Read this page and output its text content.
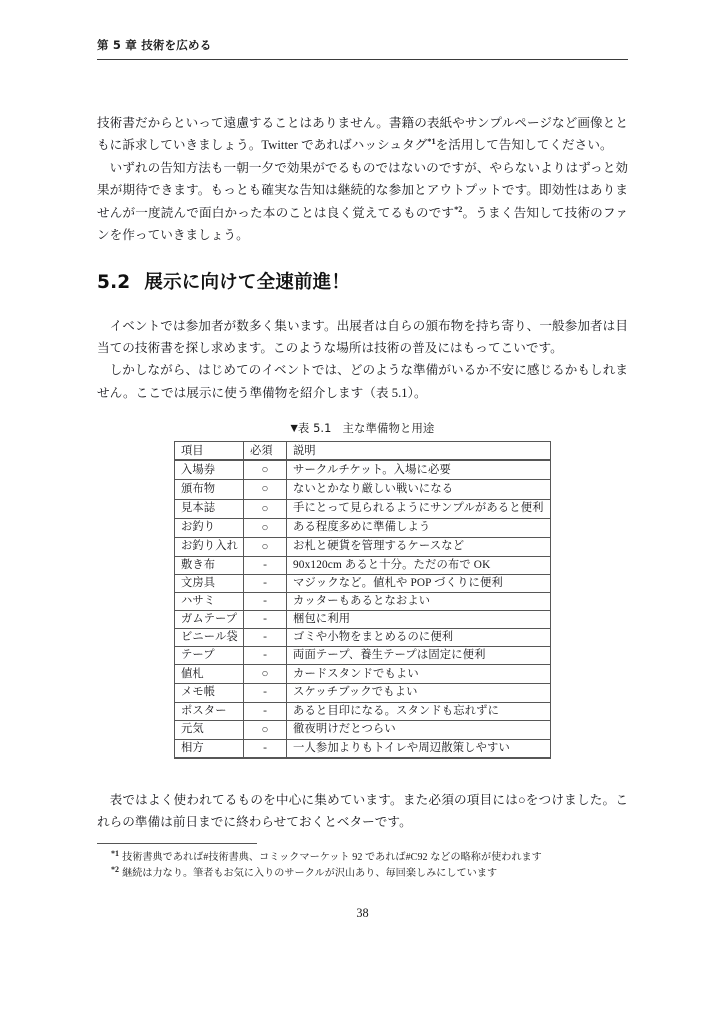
第 5 章 技術を広める

技術書だからといって遠慮することはありません。書籍の表紙やサンプルページなど画像とともに訴求していきましょう。Twitter であればハッシュタグ$^{*1}$を活用して告知してください。

いずれの告知方法も一朝一夕で効果がでるものではないのですが、やらないよりはずっと効果が期待できます。もっとも確実な告知は継続的な参加とアウトプットです。即効性はありませんが一度読んで面白かった本のことは良く覚えてるものです$^{*2}$。うまく告知して技術のファンを作っていきましょう。

5.2 展示に向けて全速前進！

イベントでは参加者が数多く集います。出展者は自らの頒布物を持ち寄り、一般参加者は目当ての技術書を探し求めます。このような場所は技術の普及にはもってこいです。

しかしながら、はじめてのイベントでは、どのような準備がいるか不安に感じるかもしれません。ここでは展示に使う準備物を紹介します（表 5.1）。

▼表 5.1 主な準備物と用途
項目	必須	説明
入場券	○	サークルチケット。入場に必要
頒布物	○	ないとかなり厳しい戦いになる
見本誌	○	手にとって見られるようにサンプルがあると便利
お釣り	○	ある程度多めに準備しよう
お釣り入れ	○	お札と硬貨を管理するケースなど
敷き布	-	90x120cm あると十分。ただの布で OK
文房具	-	マジックなど。値札や POP づくりに便利
ハサミ	-	カッターもあるとなおよい
ガムテープ	-	梱包に利用
ビニール袋	-	ゴミや小物をまとめるのに便利
テープ	-	両面テープ、養生テープは固定に便利
値札	○	カードスタンドでもよい
メモ帳	-	スケッチブックでもよい
ポスター	-	あると目印になる。スタンドも忘れずに
元気	○	徹夜明けだとつらい
相方	-	一人参加よりもトイレや周辺散策しやすい

表ではよく使われてるものを中心に集めています。また必須の項目には○をつけました。これらの準備は前日までに終わらせておくとベターです。

$^{*1}$ 技術書典であれば#技術書典、コミックマーケット 92 であれば#C92 などの略称が使われます
$^{*2}$ 継続は力なり。筆者もお気に入りのサークルが沢山あり、毎回楽しみにしています
38
